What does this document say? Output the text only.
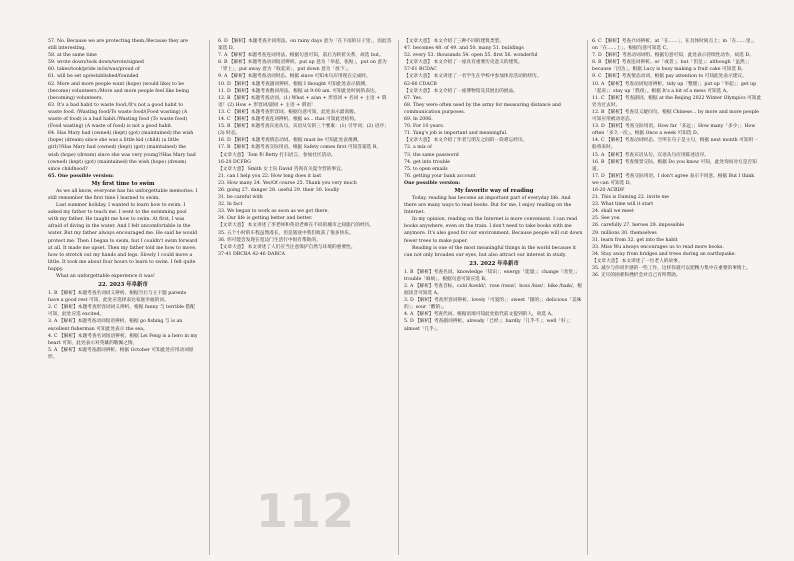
57. No. Because we are protecting them./Because they are still interesting.

58. at the same time

59. wrote down/took down/wrote/signed

60. takes/took/pride in/is/was/proud of

61. will be set up/established/founded

62. More and more people want (hope) (would like) to be (become) volunteers./More and more people feel like being (becoming) volunteers.

63. It's a bad habit to waste food./It's not a good habit to waste food. /Wasting food/To waste food/(Food wasting) (A waste of food) is a bad habit./Wasting food (To waste food) (Food wasting) (A waste of food) is not a good habit.

64. Has Mary had (owned) (kept) (got) (maintained) the wish (hope) (dream) since she was a little kid (child) (a little girl)?/Has Mary had (owned) (kept) (got) (maintained) the wish (hope) (dream) since she was very young?/Has Mary had (owned) (kept) (got) (maintained) the wish (hope) (dream) since childhood?

65. One possible version:

My first time to swim

As we all know, everyone has his unforgettable memories. I still remember the first time I learned to swim.

Last summer holiday, I wanted to learn how to swim. I asked my father to teach me. I went to the swimming pool with my father. He taught me how to swim. At first, I was afraid of diving in the water. And I felt uncomfortable in the water. But my father always encouraged me. He said he would protect me. Then I began to swim, but I couldn't swim forward at all. It made me upset. Then my father told me how to move, how to stretch out my hands and legs. Slowly I could move a little. It took me about four hours to learn to swim. I felt quite happy.

What an unforgettable experience it was!

22. 2023 年阜新市

1. B 【解析】本题考查名词词义辨析。根据空后与主干题 parents have a good rest 可知，此处应选择表达家庭幸福的词。

2. C 【解析】本题考查形容词词义辨析。根据 funny 与 terrible 搭配可知，此处应选 excited。

3. A 【解析】本题考查动词短语辨析。根据 go fishing 与 is an excellent fisherman 可知此处表示 the sea。

4. C 【解析】本题考查名词短语辨析。根据 Lei Feng is a hero in my heart 可知，此处表示对英雄的敬佩之情。

5. A 【解析】本题考查副词辨析。根据 October 可知此处应用动词原形。

6. D 【解析】本题考查介词用法。on rainy days 意为「在下雨的日子里」，因此答案选 D。

7. A 【解析】本题考查连词用法。根据句意可知，前后为转折关系，故选 but。

8. B 【解析】本题考查动词短语辨析。put up 意为「举起，张贴」，put on 意为「穿上」，put away 意为「收起来」，put down 意为「放下」。

9. A 【解析】本题考查动词时态。根据 since 可知本句应用现在完成时。

10. D 【解析】本题考查副词辨析。根据 I thought 可知此处表示猜测。

11. D 【解析】本题考查数词用法。根据 at 9:00 am. 可知此处时间的表达。

12. B 【解析】本题考查动词。(1) What + a/an + 形容词 + 名词 + 主语 + 谓语！(2) How + 形容词/副词 + 主语 + 谓语！

13. C 【解析】本题考查形容词。根据句意可知，此处表示最高级。

14. C 【解析】本题考查连词辨析。根据 so... that 可知此处结构。

15. B 【解析】本题考查宾语从句。宾语从句的三个要素：(1) 引导词；(2) 语序；(3) 时态。

16. D 【解析】本题考查情态动词。根据 must be 可知此处表推测。

17. B 【解析】本题考查交际用语。根据 Safety comes first 可知答案选 B。

【文章大意】 Tom 和 Betty 打扫语言，参加社区活动。

16-20 DCFBG

【文章大意】 Smith 女士向 David 咨询有关夏令营的事宜。

21. can I help you 22. How long does it last

23. How many 24. Yes/Of course 25. Thank you very much

26. going 27. danger 28. useful 29. their 30. loudly

31. be careful with

32. In fact

33. We began to work as soon as we got there.

34. Our life is getting better and better.

【文章大意】 本文讲述了李老师和英语老师在不同的城市之间旅行的经历。

35. 五个小时的车程虽然漫长，但是旅途中我们收获了很多快乐。

36. 你可能会发现在宽边门生活行中很有帮助的。

【文章大意】 本文讲述了人们应当注意保护自然与环境的重要性。

37-41 DBCBA 42-46 DABCA

【文章大意】 本文介绍了三种不同的建筑类型。

47. becomes 48. of 49. and 50. many 51. buildings

52. every 53. thousands 54. open 55. first 56. wonderful

【文章大意】 本文介绍了一座具有重要历史意义的建筑。

57-61 BCDAC

【文章大意】 本文讲述了一名学生在学校中参加体育活动的经历。

62-66 CDACB

【文章大意】 本文介绍了一座博物馆及其展出的展品。

67. Yes.

68. They were often used by the army for measuring distance and communication purposes.

69. In 2006.

70. For 10 years.

71. Yang's job is important and meaningful.

【文章大意】 本文介绍了作者与朋友之间的一段难忘经历。

72. a mix of

73. the same password

74. get into trouble

75. to open emails

76. getting your bank account

One possible version:

My favorite way of reading

Today, reading has become an important part of everyday life. And there are many ways to read books. But for me, I enjoy reading on the Internet.

In my opinion, reading on the Internet is more convenient. I can read books anywhere, even on the train. I don't need to take books with me anymore. It's also good for our environment. Because people will cut down fewer trees to make paper.

Reading is one of the most meaningful things in the world because it can not only broaden our eyes, but also attract our interest in study.

23. 2022 年阜新市

1. B 【解析】考查名词。knowledge「知识」；energy「能量」；change「改变」；trouble「麻烦」。根据句意可知应选 B。

2. A 【解析】考查音标。cold /kəʊld/；rose /rəʊz/；boss /bɒs/；bike /baɪk/。根据读音可知选 A。

3. D 【解析】考查形容词辨析。lovely「可爱的」；sweet「甜的」；delicious「美味的」；sour「酸的」。

4. A 【解析】考查代词。根据语境可知此处指代前文提到的人，故选 A。

5. D 【解析】考查副词辨析。already「已经」；hardly「几乎不」；well「好」；almost「几乎」。

6. C 【解析】考查介词辨析。at「在……」，在具体时间点上；in「在……里」，on「在……上」。根据句意可知选 C。

7. D 【解析】考查动词词组。根据句意可知，此处表示持续性动作，故选 D。

8. B 【解析】考查连词辨析。or「或者」；but「但是」；although「虽然」；because「因为」。根据 Lucy is busy making a fruit cake 可知选 B。

9. C 【解析】考查情态动词。根据 pay attention to 可知此处表示建议。

10. A 【解析】考查动词短语辨析。tidy up「整理」；put up「举起」；get up「起床」；stay up「熬夜」。根据 It's a bit of a mess 可知选 A。

11. C 【解析】考查副词。根据 at the Beijing 2022 Winter Olympics 可知此处为过去时。

12. B 【解析】考查反义疑问句。根据 Chinese... by more and more people 可知应用被动语态。

13. D 【解析】考查交际用语。How far「多远」；How many「多少」；How often「多久一次」。根据 Once a week 可知选 D。

14. C 【解析】考查动词时态。空所在句子是主句，根据 next month 可知用一般将来时。

15. A 【解析】考查宾语从句。宾语从句应用陈述语序。

16. B 【解析】考查情景交际。根据 Do you know 可知，此处询问对方是否知道。

17. D 【解析】考查交际用语。I don't agree 表示不同意。根据 But I think we can 可知选 D。

16-20 ACBDF

21. This is Daming 22. invite me

23. What time will it start

24. shall we meet

25. See you

26. carefully 27. heroes 28. impossible

29. millions 30. themselves

31. learn from 32. get into the habit

33. Miss Wu always encourages us to read more books.

34. Stay away from bridges and trees during an earthquake.

【文章大意】 本文讲述了一位老人的故事。

35. 减少与你同步感的一些工作，这样你就可以把精力集中在重要的事情上。

36. 无尽的困难和挫折会对自己有所帮助。

112
